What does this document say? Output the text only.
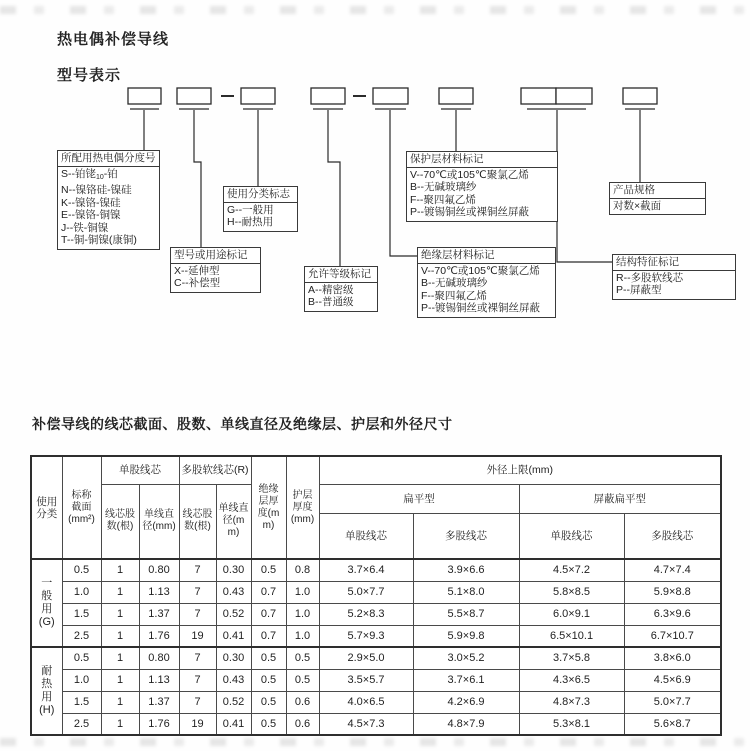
热电偶补偿导线
型号表示
所配用热电偶分度号
S--铂铑10-铂
N--镍铬硅-镍硅
K--镍铬-镍硅
E--镍铬-铜镍
J--铁-铜镍
T--铜-铜镍(康铜)
使用分类标志
G--一般用
H--耐热用
型号或用途标记
X--延伸型
C--补偿型
允许等级标记
A--精密级
B--普通级
保护层材料标记
V--70℃或105℃聚氯乙烯
B--无碱玻璃纱
F--聚四氟乙烯
P--镀锡铜丝或裸铜丝屏蔽
绝缘层材料标记
V--70℃或105℃聚氯乙烯
B--无碱玻璃纱
F--聚四氟乙烯
P--镀锡铜丝或裸铜丝屏蔽
结构特征标记
R--多股软线芯
P--屏蔽型
产品规格
对数×截面
补偿导线的线芯截面、股数、单线直径及绝缘层、护层和外径尺寸
使用分类	标称截面(mm²)	单股线芯		多股软线芯(R)		绝缘层厚度(mm)	护层厚度(mm)	外径上限(mm)			
		线芯股数(根)	单线直径(mm)	线芯股数(根)	单线直径(mm)			扁平型		屏蔽扁平型	
								单股线芯	多股线芯	单股线芯	多股线芯

一
般
用
(G)	0.5	1	0.80	7	0.30	0.5	0.8	3.7×6.4	3.9×6.6	4.5×7.2	4.7×7.4
	1.0	1	1.13	7	0.43	0.7	1.0	5.0×7.7	5.1×8.0	5.8×8.5	5.9×8.8
	1.5	1	1.37	7	0.52	0.7	1.0	5.2×8.3	5.5×8.7	6.0×9.1	6.3×9.6
	2.5	1	1.76	19	0.41	0.7	1.0	5.7×9.3	5.9×9.8	6.5×10.1	6.7×10.7

耐
热
用
(H)	0.5	1	0.80	7	0.30	0.5	0.5	2.9×5.0	3.0×5.2	3.7×5.8	3.8×6.0
	1.0	1	1.13	7	0.43	0.5	0.5	3.5×5.7	3.7×6.1	4.3×6.5	4.5×6.9
	1.5	1	1.37	7	0.52	0.5	0.6	4.0×6.5	4.2×6.9	4.8×7.3	5.0×7.7
	2.5	1	1.76	19	0.41	0.5	0.6	4.5×7.3	4.8×7.9	5.3×8.1	5.6×8.7
